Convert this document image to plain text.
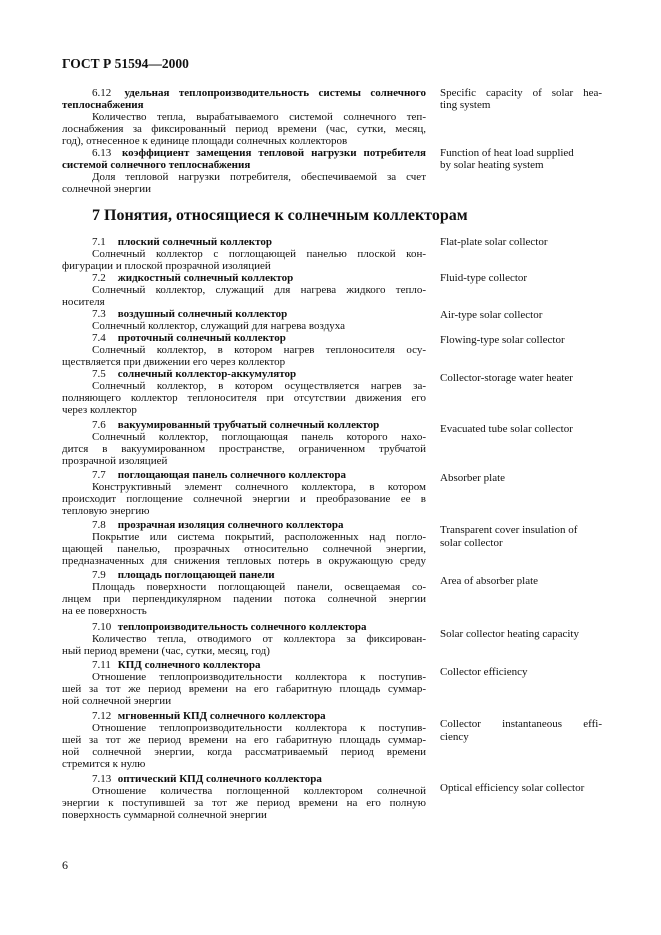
ГОСТ Р 51594—2000
7 Понятия, относящиеся к солнечным коллекторам
6.12 удельная теплопроизводительность системы солнечного
теплоснабжения
Количество тепла, вырабатываемого системой солнечного теп-
лоснабжения за фиксированный период времени (час, сутки, месяц,
год), отнесенное к единице площади солнечных коллекторов
6.13 коэффициент замещения тепловой нагрузки потребителя
системой солнечного теплоснабжения
Доля тепловой нагрузки потребителя, обеспечиваемой за счет
солнечной энергии
7.1 плоский солнечный коллектор
Солнечный коллектор с поглощающей панелью плоской кон-
фигурации и плоской прозрачной изоляцией
7.2 жидкостный солнечный коллектор
Солнечный коллектор, служащий для нагрева жидкого тепло-
носителя
7.3 воздушный солнечный коллектор
Солнечный коллектор, служащий для нагрева воздуха
7.4 проточный солнечный коллектор
Солнечный коллектор, в котором нагрев теплоносителя осу-
ществляется при движении его через коллектор
7.5 солнечный коллектор-аккумулятор
Солнечный коллектор, в котором осуществляется нагрев за-
полняющего коллектор теплоносителя при отсутствии движения его
через коллектор
7.6 вакуумированный трубчатый солнечный коллектор
Солнечный коллектор, поглощающая панель которого нахо-
дится в вакуумированном пространстве, ограниченном трубчатой
прозрачной изоляцией
7.7 поглощающая панель солнечного коллектора
Конструктивный элемент солнечного коллектора, в котором
происходит поглощение солнечной энергии и преобразование ее в
тепловую энергию
7.8 прозрачная изоляция солнечного коллектора
Покрытие или система покрытий, расположенных над погло-
щающей панелью, прозрачных относительно солнечной энергии,
предназначенных для снижения тепловых потерь в окружающую среду
7.9 площадь поглощающей панели
Площадь поверхности поглощающей панели, освещаемая со-
лнцем при перпендикулярном падении потока солнечной энергии
на ее поверхность
7.10 теплопроизводительность солнечного коллектора
Количество тепла, отводимого от коллектора за фиксирован-
ный период времени (час, сутки, месяц, год)
7.11 КПД солнечного коллектора
Отношение теплопроизводительности коллектора к поступив-
шей за тот же период времени на его габаритную площадь суммар-
ной солнечной энергии
7.12 мгновенный КПД солнечного коллектора
Отношение теплопроизводительности коллектора к поступив-
шей за тот же период времени на его габаритную площадь суммар-
ной солнечной энергии, когда рассматриваемый период времени
стремится к нулю
7.13 оптический КПД солнечного коллектора
Отношение количества поглощенной коллектором солнечной
энергии к поступившей за тот же период времени на его полную
поверхность суммарной солнечной энергии
Specific capacity of solar hea-
ting system
Function of heat load supplied
by solar heating system
Flat-plate solar collector
Fluid-type collector
Air-type solar collector
Flowing-type solar collector
Collector-storage water heater
Evacuated tube solar collector
Absorber plate
Transparent cover insulation of
solar collector
Area of absorber plate
Solar collector heating capacity
Collector efficiency
Collector instantaneous effi-
ciency
Optical efficiency solar collector
6
